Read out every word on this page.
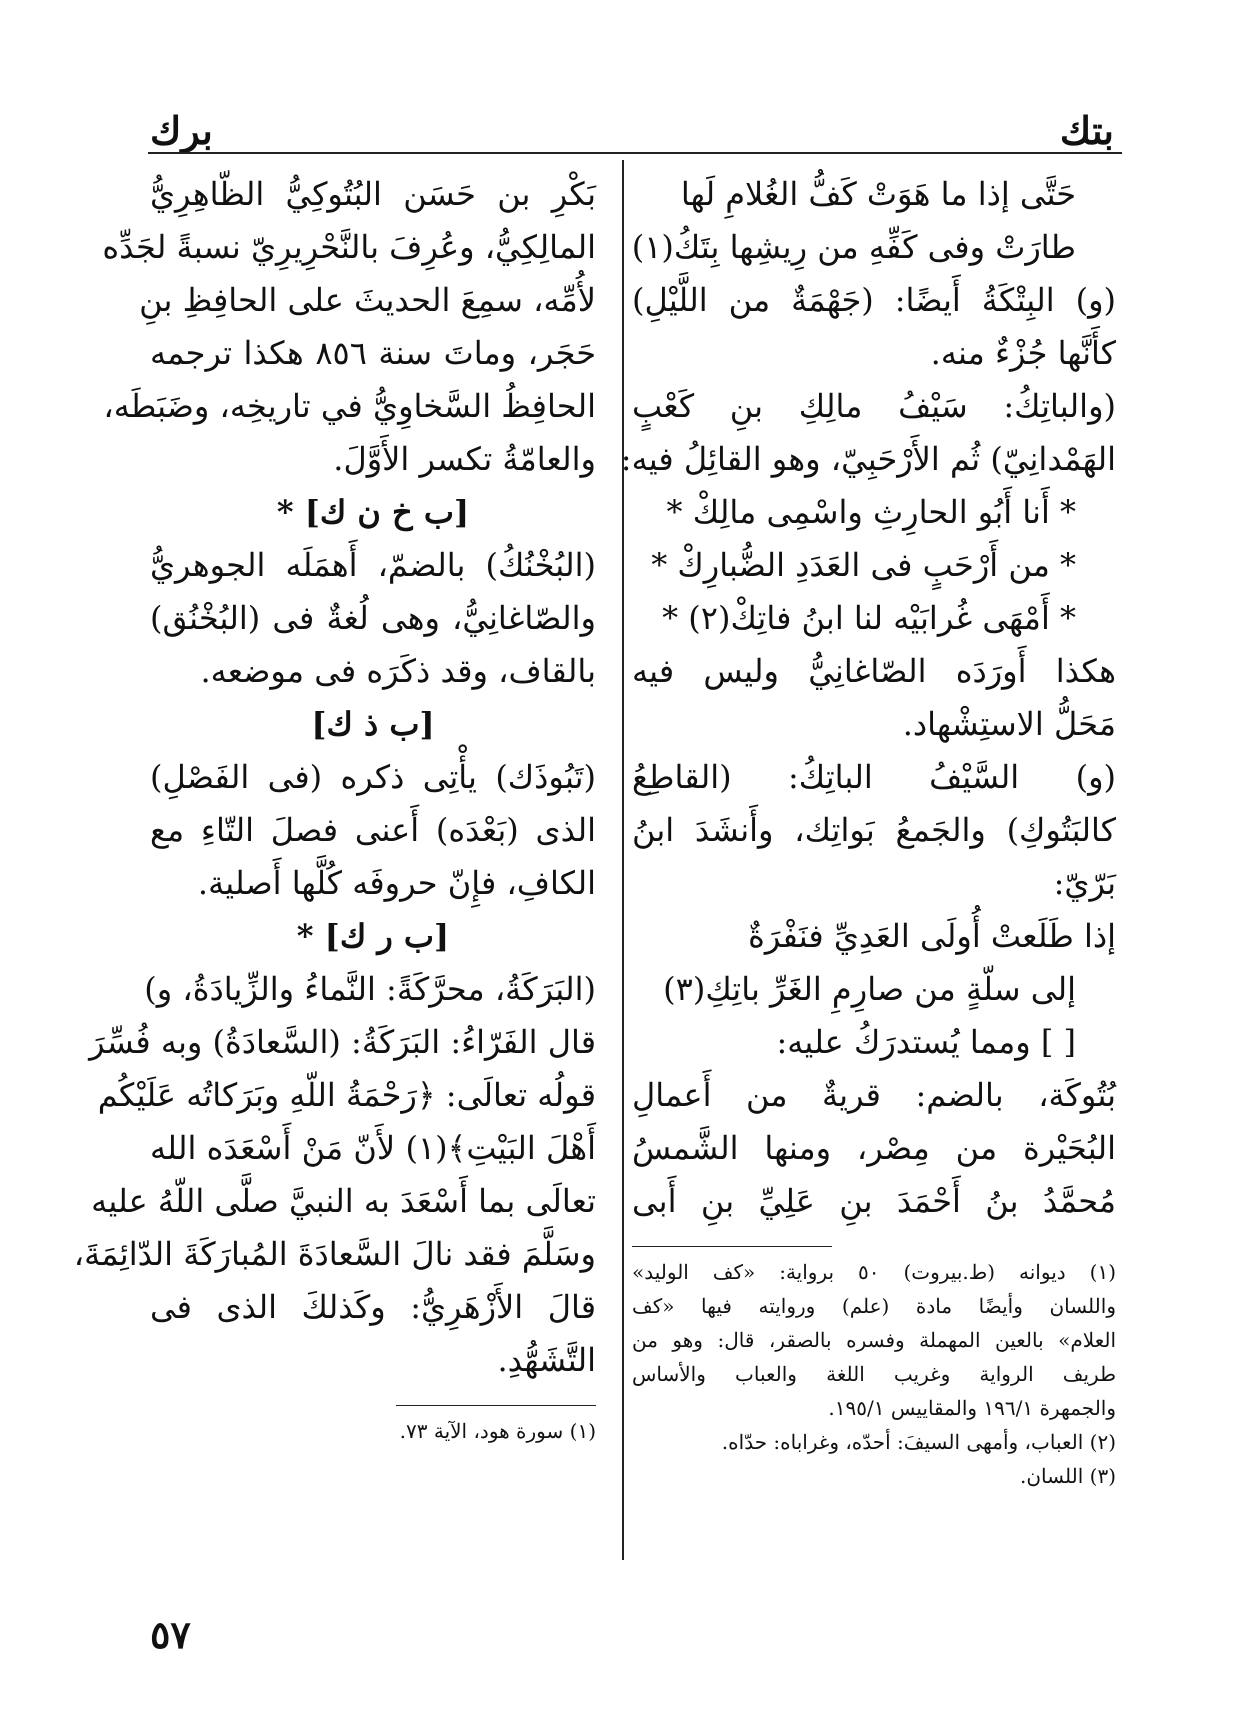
بتك
برك
حَتَّى إذا ما هَوَتْ كَفُّ الغُلامِ لَها
طارَتْ وفى كَفِّهِ من رِيشِها بِتَكُ(١)
(و) البِتْكَةُ أَيضًا: (جَهْمَةٌ من اللَّيْلِ)
كأَنَّها جُزْءٌ منه.
(والباتِكُ: سَيْفُ مالِكِ بنِ كَعْبٍ
الهَمْدانِيّ) ثُم الأَرْحَبِيّ، وهو القائِلُ فيه:
* أَنا أَبُو الحارِثِ واسْمِى مالِكْ *
* من أَرْحَبٍ فى العَدَدِ الضُّبارِكْ *
* أَمْهَى غُرابَيْه لنا ابنُ فاتِكْ(٢) *
هكذا أَورَدَه الصّاغانِيُّ وليس فيه
مَحَلُّ الاستِشْهاد.
(و) السَّيْفُ الباتِكُ: (القاطِعُ
كالبَتُوكِ) والجَمعُ بَواتِك، وأَنشَدَ ابنُ
بَرّيّ:
إذا طَلَعتْ أُولَى العَدِيِّ فنَفْرَةٌ
إلى سلّةٍ من صارِمِ الغَرِّ باتِكِ(٣)
[ ] ومما يُستدرَكُ عليه:
بُتُوكَة، بالضم: قريةٌ من أَعمالِ
البُحَيْرة من مِصْر، ومنها الشَّمسُ
مُحمَّدُ بنُ أَحْمَدَ بنِ عَلِيِّ بنِ أَبى
(١) ديوانه (ط.بيروت) ٥٠ برواية: «كف الوليد»
واللسان وأيضًا مادة (علم) وروايته فيها «كف
العلام» بالعين المهملة وفسره بالصقر، قال: وهو من
طريف الرواية وغريب اللغة والعباب والأساس
والجمهرة ١٩٦/١ والمقاييس ١٩٥/١.
(٢) العباب، وأمهى السيفَ: أحدّه، وغراباه: حدّاه.
(٣) اللسان.
بَكْرِ بن حَسَن البُتُوكِيُّ الظّاهِرِيُّ
المالِكِيُّ، وعُرِفَ بالنَّحْرِيرِيّ نسبةً لجَدِّه
لأُمِّه، سمِعَ الحديثَ على الحافِظِ بنِ
حَجَر، وماتَ سنة ٨٥٦ هكذا ترجمه
الحافِظُ السَّخاوِيُّ في تاريخِه، وضَبَطَه،
والعامّةُ تكسر الأَوَّلَ.
[ب خ ن ك] *
(البُخْنُكُ) بالضمّ، أَهمَلَه الجوهريُّ
والصّاغانِيُّ، وهى لُغةٌ فى (البُخْنُق)
بالقاف، وقد ذكَرَه فى موضعه.
[ب ذ ك]
(تَبُوذَك) يأْتِى ذكره (فى الفَصْلِ)
الذى (بَعْدَه) أَعنى فصلَ التّاءِ مع
الكافِ، فإِنّ حروفَه كُلَّها أَصلية.
[ب ر ك] *
(البَرَكَةُ، محرَّكَةً: النَّماءُ والزِّيادَةُ، و)
قال الفَرّاءُ: البَرَكَةُ: (السَّعادَةُ) وبه فُسِّرَ
قولُه تعالَى: ﴿رَحْمَةُ اللّهِ وبَرَكاتُه عَلَيْكُم
أَهْلَ البَيْتِ﴾(١) لأَنّ مَنْ أَسْعَدَه الله
تعالَى بما أَسْعَدَ به النبيَّ صلَّى اللّهُ عليه
وسَلَّمَ فقد نالَ السَّعادَةَ المُبارَكَةَ الدّائِمَةَ،
قالَ الأَزْهَرِيُّ: وكَذلكَ الذى فى
التَّشَهُّدِ.
(١) سورة هود، الآية ٧٣.
٥٧
